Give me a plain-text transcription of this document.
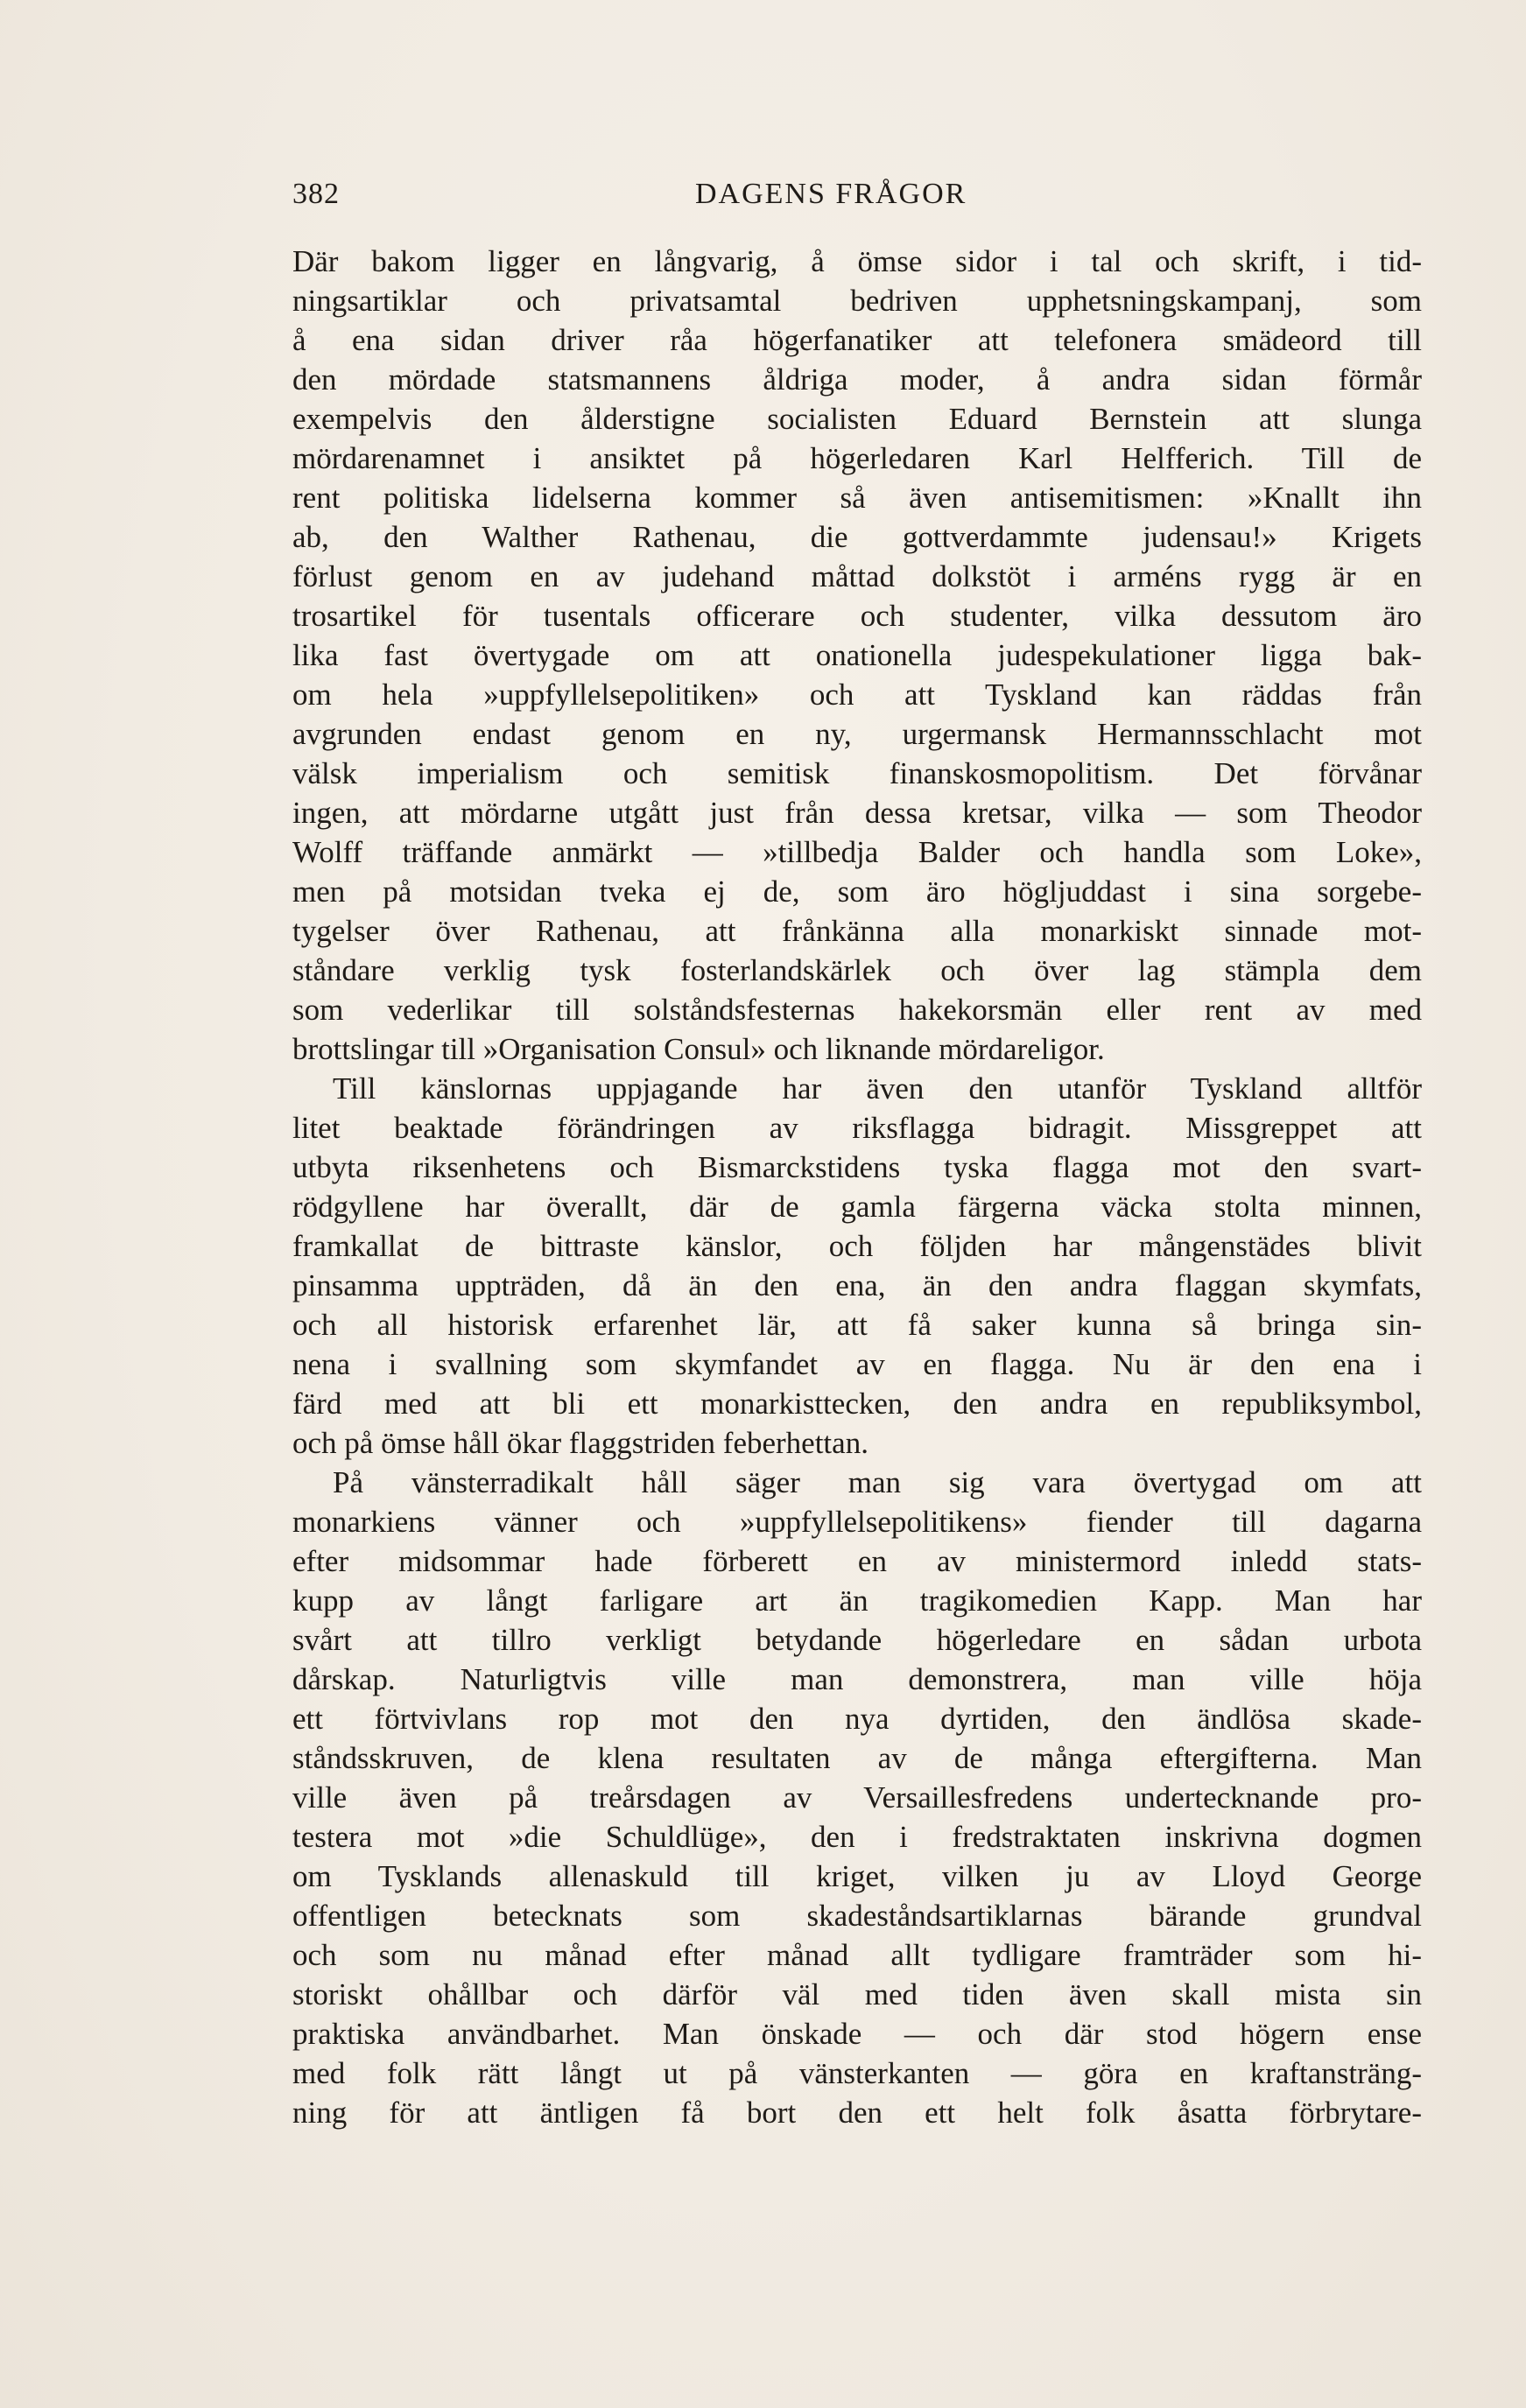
382	DAGENS FRÅGOR
Där bakom ligger en långvarig, å ömse sidor i tal och skrift, i tid-
ningsartiklar och privatsamtal bedriven upphetsningskampanj, som
å ena sidan driver råa högerfanatiker att telefonera smädeord till
den mördade statsmannens åldriga moder, å andra sidan förmår
exempelvis den ålderstigne socialisten Eduard Bernstein att slunga
mördarenamnet i ansiktet på högerledaren Karl Helfferich. Till de
rent politiska lidelserna kommer så även antisemitismen: »Knallt ihn
ab, den Walther Rathenau, die gottverdammte judensau!» Krigets
förlust genom en av judehand måttad dolkstöt i arméns rygg är en
trosartikel för tusentals officerare och studenter, vilka dessutom äro
lika fast övertygade om att onationella judespekulationer ligga bak-
om hela »uppfyllelsepolitiken» och att Tyskland kan räddas från
avgrunden endast genom en ny, urgermansk Hermannsschlacht mot
välsk imperialism och semitisk finanskosmopolitism. Det förvånar
ingen, att mördarne utgått just från dessa kretsar, vilka — som Theodor
Wolff träffande anmärkt — »tillbedja Balder och handla som Loke»,
men på motsidan tveka ej de, som äro högljuddast i sina sorgebe-
tygelser över Rathenau, att frånkänna alla monarkiskt sinnade mot-
ståndare verklig tysk fosterlandskärlek och över lag stämpla dem
som vederlikar till solståndsfesternas hakekorsmän eller rent av med
brottslingar till »Organisation Consul» och liknande mördareligor.
Till känslornas uppjagande har även den utanför Tyskland alltför
litet beaktade förändringen av riksflagga bidragit. Missgreppet att
utbyta riksenhetens och Bismarckstidens tyska flagga mot den svart-
rödgyllene har överallt, där de gamla färgerna väcka stolta minnen,
framkallat de bittraste känslor, och följden har mångenstädes blivit
pinsamma uppträden, då än den ena, än den andra flaggan skymfats,
och all historisk erfarenhet lär, att få saker kunna så bringa sin-
nena i svallning som skymfandet av en flagga. Nu är den ena i
färd med att bli ett monarkisttecken, den andra en republiksymbol,
och på ömse håll ökar flaggstriden feberhettan.
På vänsterradikalt håll säger man sig vara övertygad om att
monarkiens vänner och »uppfyllelsepolitikens» fiender till dagarna
efter midsommar hade förberett en av ministermord inledd stats-
kupp av långt farligare art än tragikomedien Kapp. Man har
svårt att tillro verkligt betydande högerledare en sådan urbota
dårskap. Naturligtvis ville man demonstrera, man ville höja
ett förtvivlans rop mot den nya dyrtiden, den ändlösa skade-
ståndsskruven, de klena resultaten av de många eftergifterna. Man
ville även på treårsdagen av Versaillesfredens undertecknande pro-
testera mot »die Schuldlüge», den i fredstraktaten inskrivna dogmen
om Tysklands allenaskuld till kriget, vilken ju av Lloyd George
offentligen betecknats som skadeståndsartiklarnas bärande grundval
och som nu månad efter månad allt tydligare framträder som hi-
storiskt ohållbar och därför väl med tiden även skall mista sin
praktiska användbarhet. Man önskade — och där stod högern ense
med folk rätt långt ut på vänsterkanten — göra en kraftansträng-
ning för att äntligen få bort den ett helt folk åsatta förbrytare-
